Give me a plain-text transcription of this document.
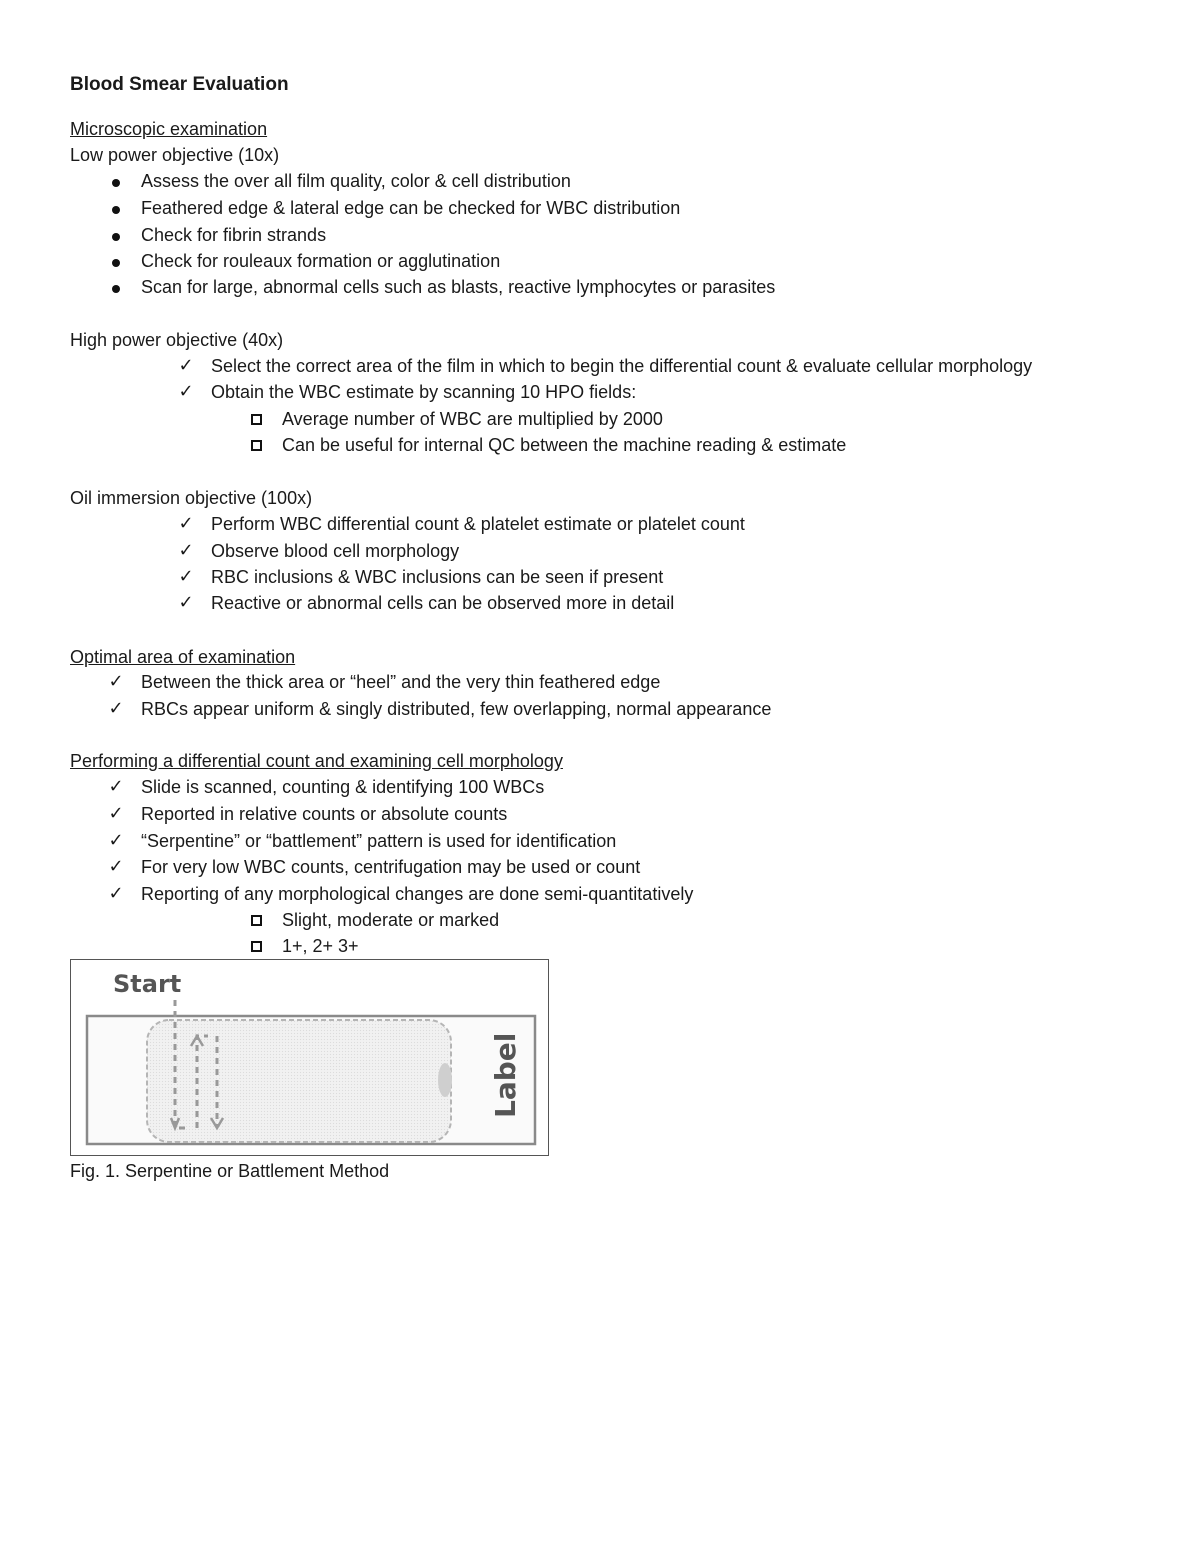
Blood Smear Evaluation
Microscopic examination
Low power objective (10x)
Assess the over all film quality, color & cell distribution
Feathered edge & lateral edge can be checked for WBC distribution
Check for fibrin strands
Check for rouleaux formation or agglutination
Scan for large, abnormal cells such as blasts, reactive lymphocytes or parasites
High power objective (40x)
✓ Select the correct area of the film in which to begin the differential count & evaluate cellular morphology
✓ Obtain the WBC estimate by scanning 10 HPO fields:
Average number of WBC are multiplied by 2000
Can be useful for internal QC between the machine reading & estimate
Oil immersion objective (100x)
✓ Perform WBC differential count & platelet estimate or platelet count
✓ Observe blood cell morphology
✓ RBC inclusions & WBC inclusions can be seen if present
✓ Reactive or abnormal cells can be observed more in detail
Optimal area of examination
✓ Between the thick area or “heel” and the very thin feathered edge
✓ RBCs appear uniform & singly distributed, few overlapping, normal appearance
Performing a differential count and examining cell morphology
✓ Slide is scanned, counting & identifying 100 WBCs
✓ Reported in relative counts or absolute counts
✓ “Serpentine” or “battlement” pattern is used for identification
✓ For very low WBC counts, centrifugation may be used or count
✓ Reporting of any morphological changes are done semi-quantitatively
Slight, moderate or marked
1+, 2+ 3+
Start
Label
Fig. 1. Serpentine or Battlement Method
